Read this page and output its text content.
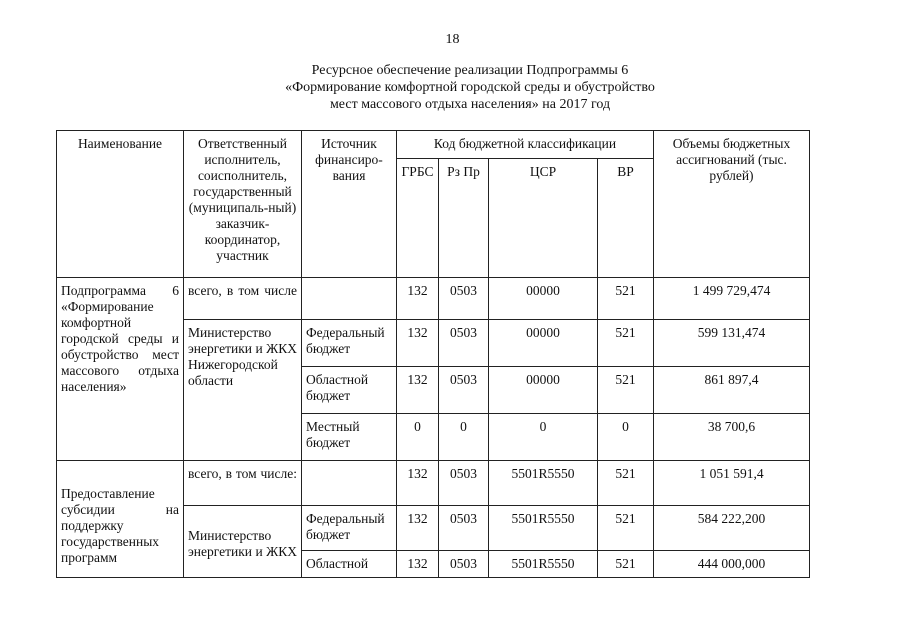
18
Ресурсное обеспечение реализации Подпрограммы 6
«Формирование комфортной городской среды и обустройство
мест массового отдыха населения» на 2017 год
Наименование	Ответственный исполнитель, соисполнитель, государственный (муниципаль-ный) заказчик-координатор, участник	Источник финансиро-вания	Код бюджетной классификации				Объемы бюджетных ассигнований (тыс. рублей)
			ГРБС	Рз Пр	ЦСР	ВР	
Подпрограмма 6 «Формирование комфортной городской среды и обустройство мест массового отдыха населения»	всего, в том числе		132	0503	00000	521	1 499 729,474
	Министерство энергетики и ЖКХ Нижегородской области	Федеральный бюджет	132	0503	00000	521	599 131,474
		Областной бюджет	132	0503	00000	521	861 897,4
		Местный бюджет	0	0	0	0	38 700,6
Предоставление субсидии на поддержку государственных программ	всего, в том числе:		132	0503	5501R5550	521	1 051 591,4
	Министерство энергетики и ЖКХ	Федеральный бюджет	132	0503	5501R5550	521	584 222,200
		Областной	132	0503	5501R5550	521	444 000,000
